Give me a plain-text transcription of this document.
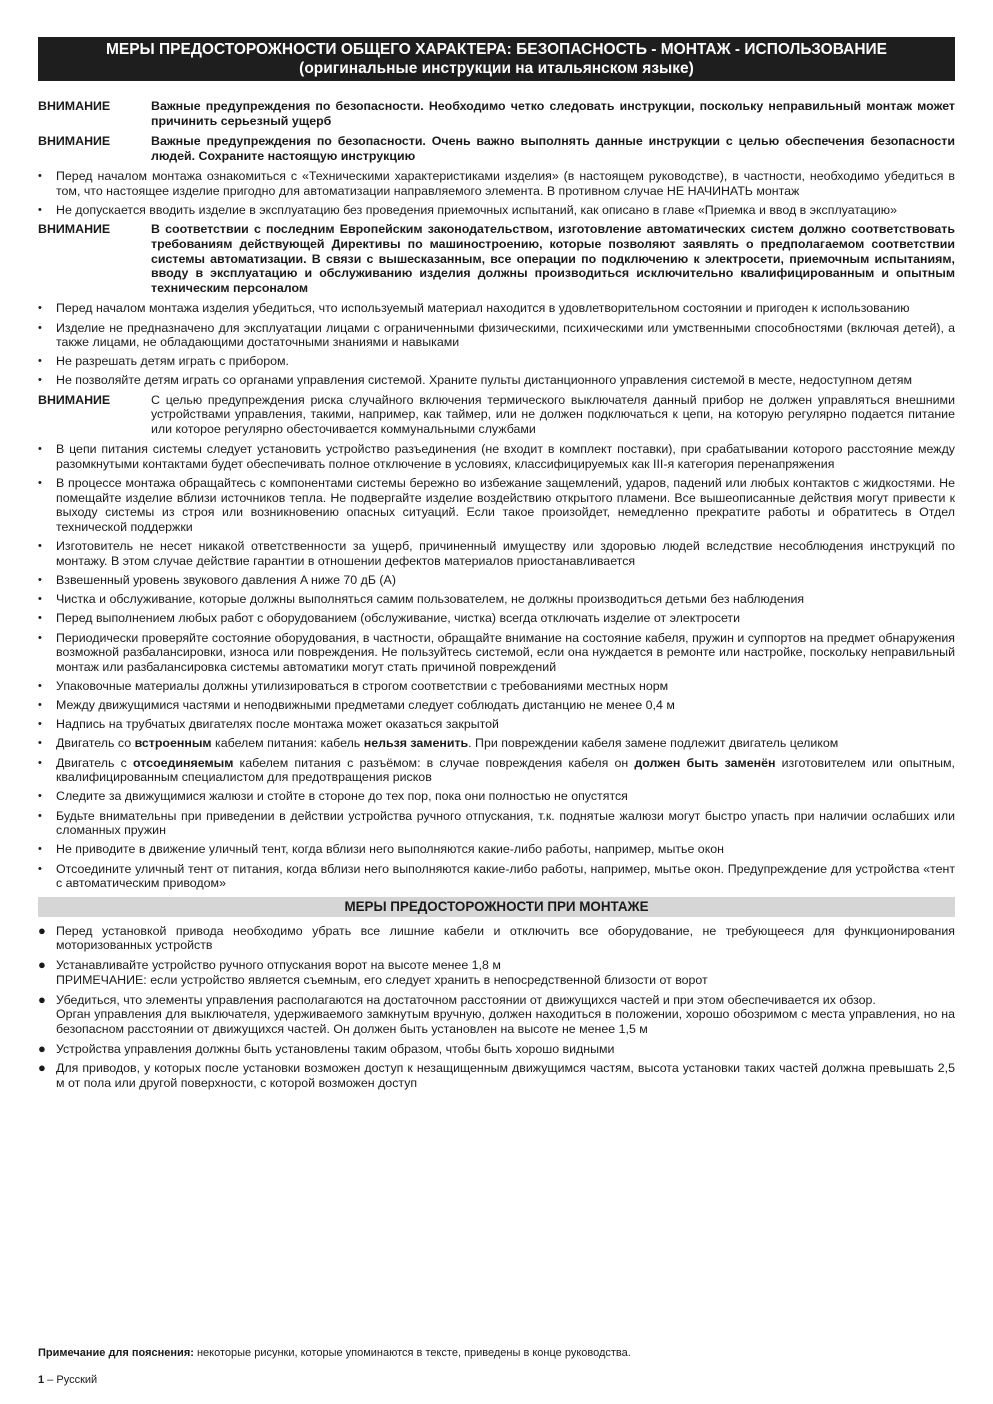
МЕРЫ ПРЕДОСТОРОЖНОСТИ ОБЩЕГО ХАРАКТЕРА: БЕЗОПАСНОСТЬ - МОНТАЖ - ИСПОЛЬЗОВАНИЕ (оригинальные инструкции на итальянском языке)
ВНИМАНИЕ	Важные предупреждения по безопасности. Необходимо четко следовать инструкции, поскольку неправильный монтаж может причинить серьезный ущерб
ВНИМАНИЕ	Важные предупреждения по безопасности. Очень важно выполнять данные инструкции с целью обеспечения безопасности людей. Сохраните настоящую инструкцию
•	Перед началом монтажа ознакомиться с «Техническими характеристиками изделия» (в настоящем руководстве), в частности, необходимо убедиться в том, что настоящее изделие пригодно для автоматизации направляемого элемента. В противном случае НЕ НАЧИНАТЬ монтаж
•	Не допускается вводить изделие в эксплуатацию без проведения приемочных испытаний, как описано в главе «Приемка и ввод в эксплуатацию»
ВНИМАНИЕ	В соответствии с последним Европейским законодательством, изготовление автоматических систем должно соответствовать требованиям действующей Директивы по машиностроению, которые позволяют заявлять о предполагаемом соответствии системы автоматизации. В связи с вышесказанным, все операции по подключению к электросети, приемочным испытаниям, вводу в эксплуатацию и обслуживанию изделия должны производиться исключительно квалифицированным и опытным техническим персоналом
•	Перед началом монтажа изделия убедиться, что используемый материал находится в удовлетворительном состоянии и пригоден к использованию
•	Изделие не предназначено для эксплуатации лицами с ограниченными физическими, психическими или умственными способностями (включая детей), а также лицами, не обладающими достаточными знаниями и навыками
•	Не разрешать детям играть с прибором.
•	Не позволяйте детям играть со органами управления системой. Храните пульты дистанционного управления системой в месте, недоступном детям
ВНИМАНИЕ	С целью предупреждения риска случайного включения термического выключателя данный прибор не должен управляться внешними устройствами управления, такими, например, как таймер, или не должен подключаться к цепи, на которую регулярно подается питание или которое регулярно обесточивается коммунальными службами
•	В цепи питания системы следует установить устройство разъединения (не входит в комплект поставки), при срабатывании которого расстояние между разомкнутыми контактами будет обеспечивать полное отключение в условиях, классифицируемых как III-я категория перенапряжения
•	В процессе монтажа обращайтесь с компонентами системы бережно во избежание защемлений, ударов, падений или любых контактов с жидкостями. Не помещайте изделие вблизи источников тепла. Не подвергайте изделие воздействию открытого пламени. Все вышеописанные действия могут привести к выходу системы из строя или возникновению опасных ситуаций. Если такое произойдет, немедленно прекратите работы и обратитесь в Отдел технической поддержки
•	Изготовитель не несет никакой ответственности за ущерб, причиненный имуществу или здоровью людей вследствие несоблюдения инструкций по монтажу. В этом случае действие гарантии в отношении дефектов материалов приостанавливается
•	Взвешенный уровень звукового давления A ниже 70 дБ (A)
•	Чистка и обслуживание, которые должны выполняться самим пользователем, не должны производиться детьми без наблюдения
•	Перед выполнением любых работ с оборудованием (обслуживание, чистка) всегда отключать изделие от электросети
•	Периодически проверяйте состояние оборудования, в частности, обращайте внимание на состояние кабеля, пружин и суппортов на предмет обнаружения возможной разбалансировки, износа или повреждения. Не пользуйтесь системой, если она нуждается в ремонте или настройке, поскольку неправильный монтаж или разбалансировка системы автоматики могут стать причиной повреждений
•	Упаковочные материалы должны утилизироваться в строгом соответствии с требованиями местных норм
•	Между движущимися частями и неподвижными предметами следует соблюдать дистанцию не менее 0,4 м
•	Надпись на трубчатых двигателях после монтажа может оказаться закрытой
•	Двигатель со встроенным кабелем питания: кабель нельзя заменить. При повреждении кабеля замене подлежит двигатель целиком
•	Двигатель с отсоединяемым кабелем питания с разъёмом: в случае повреждения кабеля он должен быть заменён изготовителем или опытным, квалифицированным специалистом для предотвращения рисков
•	Следите за движущимися жалюзи и стойте в стороне до тех пор, пока они полностью не опустятся
•	Будьте внимательны при приведении в действии устройства ручного отпускания, т.к. поднятые жалюзи могут быстро упасть при наличии ослабших или сломанных пружин
•	Не приводите в движение уличный тент, когда вблизи него выполняются какие-либо работы, например, мытье окон
•	Отсоедините уличный тент от питания, когда вблизи него выполняются какие-либо работы, например, мытье окон. Предупреждение для устройства «тент с автоматическим приводом»
МЕРЫ ПРЕДОСТОРОЖНОСТИ ПРИ МОНТАЖЕ
● Перед установкой привода необходимо убрать все лишние кабели и отключить все оборудование, не требующееся для функционирования моторизованных устройств
● Устанавливайте устройство ручного отпускания ворот на высоте менее 1,8 м
ПРИМЕЧАНИЕ: если устройство является съемным, его следует хранить в непосредственной близости от ворот
● Убедиться, что элементы управления располагаются на достаточном расстоянии от движущихся частей и при этом обеспечивается их обзор.
Орган управления для выключателя, удерживаемого замкнутым вручную, должен находиться в положении, хорошо обозримом с места управления, но на безопасном расстоянии от движущихся частей. Он должен быть установлен на высоте не менее 1,5 м
● Устройства управления должны быть установлены таким образом, чтобы быть хорошо видными
● Для приводов, у которых после установки возможен доступ к незащищенным движущимся частям, высота установки таких частей должна превышать 2,5 м от пола или другой поверхности, с которой возможен доступ
Примечание для пояснения: некоторые рисунки, которые упоминаются в тексте, приведены в конце руководства.
1 – Русский
